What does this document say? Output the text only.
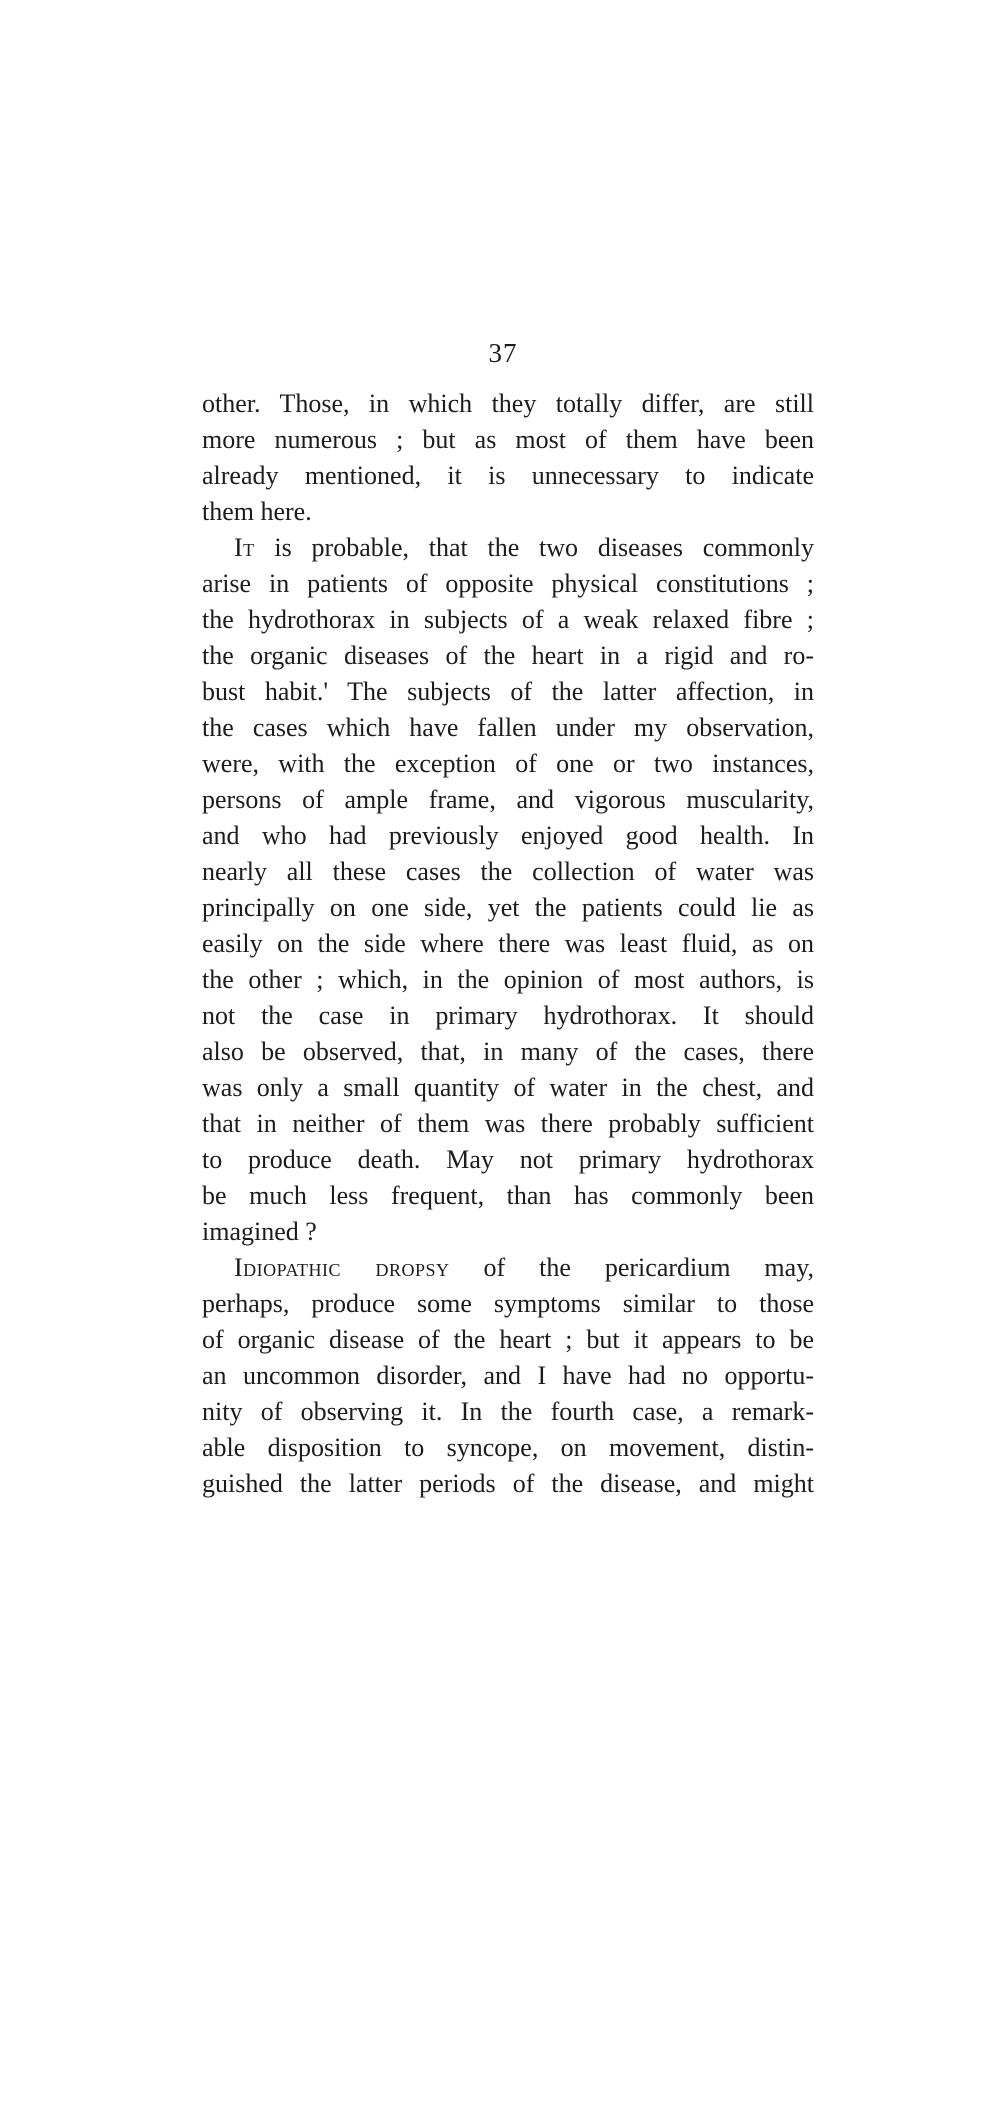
37

other. Those, in which they totally differ, are still
more numerous ; but as most of them have been
already mentioned, it is unnecessary to indicate
them here.

It is probable, that the two diseases commonly
arise in patients of opposite physical constitutions ;
the hydrothorax in subjects of a weak relaxed fibre ;
the organic diseases of the heart in a rigid and ro-
bust habit.' The subjects of the latter affection, in
the cases which have fallen under my observation,
were, with the exception of one or two instances,
persons of ample frame, and vigorous muscularity,
and who had previously enjoyed good health. In
nearly all these cases the collection of water was
principally on one side, yet the patients could lie as
easily on the side where there was least fluid, as on
the other ; which, in the opinion of most authors, is
not the case in primary hydrothorax. It should
also be observed, that, in many of the cases, there
was only a small quantity of water in the chest, and
that in neither of them was there probably sufficient
to produce death. May not primary hydrothorax
be much less frequent, than has commonly been
imagined ?

Idiopathic dropsy of the pericardium may,
perhaps, produce some symptoms similar to those
of organic disease of the heart ; but it appears to be
an uncommon disorder, and I have had no opportu-
nity of observing it. In the fourth case, a remark-
able disposition to syncope, on movement, distin-
guished the latter periods of the disease, and might
